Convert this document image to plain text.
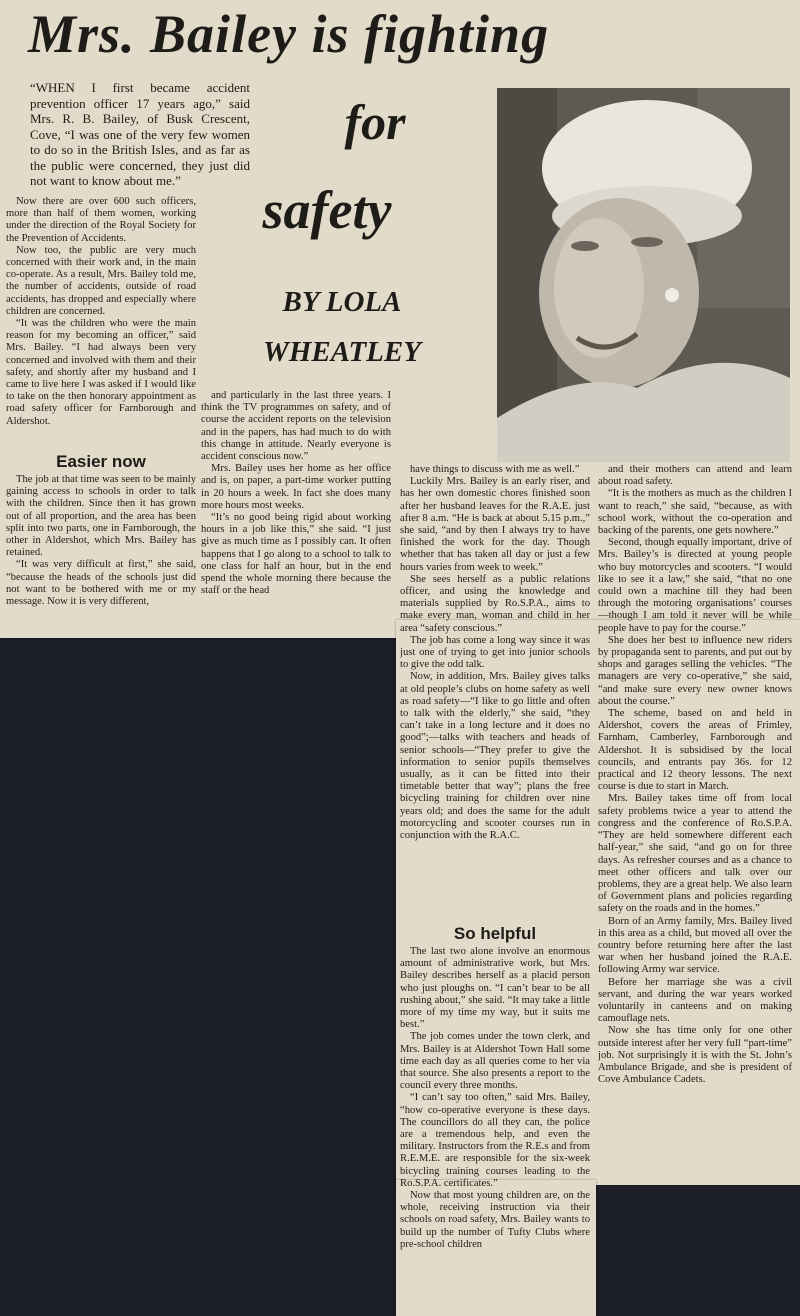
Mrs. Bailey is fighting
for
safety
BY LOLA
WHEATLEY
“WHEN I first became accident prevention officer 17 years ago,” said Mrs. R. B. Bailey, of Busk Crescent, Cove, “I was one of the very few women to do so in the British Isles, and as far as the public were concerned, they just did not want to know about me.”

Now there are over 600 such officers, more than half of them women, working under the direction of the Royal Society for the Prevention of Accidents.

Now too, the public are very much concerned with their work and, in the main co-operate. As a result, Mrs. Bailey told me, the number of accidents, outside of road accidents, has dropped and especially where children are concerned.

“It was the children who were the main reason for my becoming an officer,” said Mrs. Bailey. “I had always been very concerned and involved with them and their safety, and shortly after my husband and I came to live here I was asked if I would like to take on the then honorary appointment as road safety officer for Farnborough and Aldershot.

Easier now

The job at that time was seen to be mainly gaining access to schools in order to talk with the children. Since then it has grown out of all proportion, and the area has been split into two parts, one in Farnborough, the other in Aldershot, which Mrs. Bailey has retained.

“It was very difficult at first,” she said, “because the heads of the schools just did not want to be bothered with me or my message. Now it is very different,

and particularly in the last three years. I think the TV programmes on safety, and of course the accident reports on the television and in the papers, has had much to do with this change in attitude. Nearly everyone is accident conscious now.”

Mrs. Bailey uses her home as her office and is, on paper, a part-time worker putting in 20 hours a week. In fact she does many more hours most weeks.

“It’s no good being rigid about working hours in a job like this,” she said. “I just give as much time as I possibly can. It often happens that I go along to a school to talk to one class for half an hour, but in the end spend the whole morning there because the staff or the head

have things to discuss with me as well.”

Luckily Mrs. Bailey is an early riser, and has her own domestic chores finished soon after her husband leaves for the R.A.E. just after 8 a.m. “He is back at about 5.15 p.m.,” she said, “and by then I always try to have finished the work for the day. Though whether that has taken all day or just a few hours varies from week to week.”

She sees herself as a public relations officer, and using the knowledge and materials supplied by Ro.S.P.A., aims to make every man, woman and child in her area “safety conscious.”

The job has come a long way since it was just one of trying to get into junior schools to give the odd talk.

Now, in addition, Mrs. Bailey gives talks at old people’s clubs on home safety as well as road safety—“I like to go little and often to talk with the elderly,” she said, “they can’t take in a long lecture and it does no good”;—talks with teachers and heads of senior schools—“They prefer to give the information to senior pupils themselves usually, as it can be fitted into their timetable better that way”; plans the free bicycling training for children over nine years old; and does the same for the adult motorcycling and scooter courses run in conjunction with the R.A.C.

So helpful

The last two alone involve an enormous amount of administrative work, but Mrs. Bailey describes herself as a placid person who just ploughs on. “I can’t bear to be all rushing about,” she said. “It may take a little more of my time my way, but it suits me best.”

The job comes under the town clerk, and Mrs. Bailey is at Aldershot Town Hall some time each day as all queries come to her via that source. She also presents a report to the council every three months.

“I can’t say too often,” said Mrs. Bailey, “how co-operative everyone is these days. The councillors do all they can, the police are a tremendous help, and even the military. Instructors from the R.E.s and from R.E.M.E. are responsible for the six-week bicycling training courses leading to the Ro.S.P.A. certificates.”

Now that most young children are, on the whole, receiving instruction via their schools on road safety, Mrs. Bailey wants to build up the number of Tufty Clubs where pre-school children

and their mothers can attend and learn about road safety.

“It is the mothers as much as the children I want to reach,” she said, “because, as with school work, without the co-operation and backing of the parents, one gets nowhere.”

Second, though equally important, drive of Mrs. Bailey’s is directed at young people who buy motorcycles and scooters. “I would like to see it a law,” she said, “that no one could own a machine till they had been through the motoring organisations’ courses—though I am told it never will be while people have to pay for the course.”

She does her best to influence new riders by propaganda sent to parents, and put out by shops and garages selling the vehicles. “The managers are very co-operative,” she said, “and make sure every new owner knows about the course.”

The scheme, based on and held in Aldershot, covers the areas of Frimley, Farnham, Camberley, Farnborough and Aldershot. It is subsidised by the local councils, and entrants pay 36s. for 12 practical and 12 theory lessons. The next course is due to start in March.

Mrs. Bailey takes time off from local safety problems twice a year to attend the congress and the conference of Ro.S.P.A. “They are held somewhere different each half-year,” she said, “and go on for three days. As refresher courses and as a chance to meet other officers and talk over our problems, they are a great help. We also learn of Government plans and policies regarding safety on the roads and in the homes.”

Born of an Army family, Mrs. Bailey lived in this area as a child, but moved all over the country before returning here after the last war when her husband joined the R.A.E. following Army war service.

Before her marriage she was a civil servant, and during the war years worked voluntarily in canteens and on making camouflage nets.

Now she has time only for one other outside interest after her very full “part-time” job. Not surprisingly it is with the St. John’s Ambulance Brigade, and she is president of Cove Ambulance Cadets.
